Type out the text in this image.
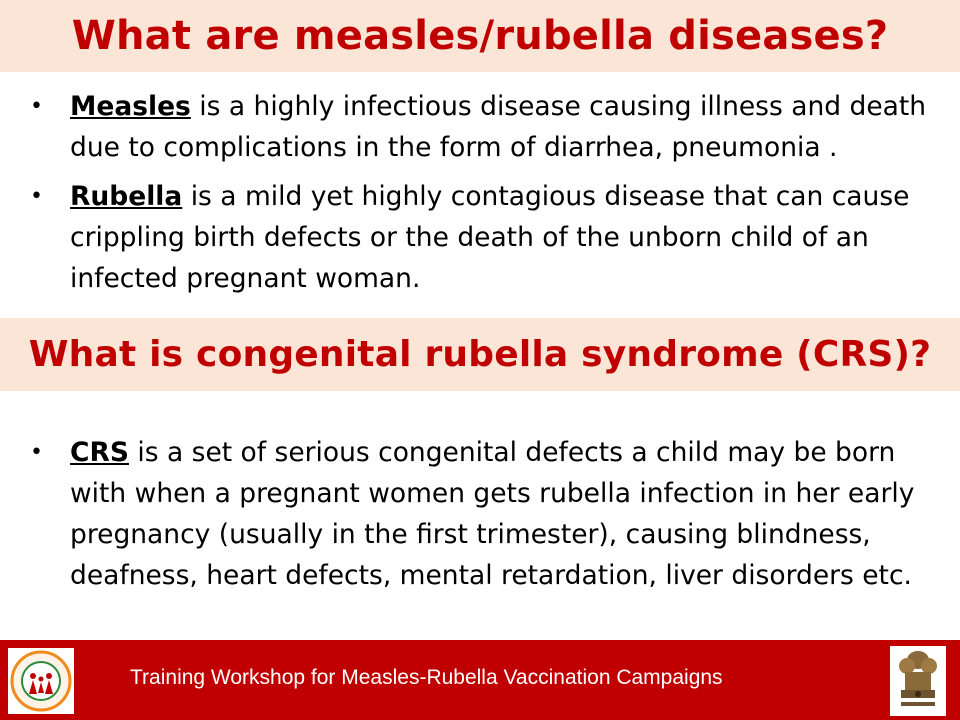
What are measles/rubella diseases?
• Measles is a highly infectious disease causing illness and death due to complications in the form of diarrhea, pneumonia .
• Rubella is a mild yet highly contagious disease that can cause crippling birth defects or the death of the unborn child of an infected pregnant woman.
What is congenital rubella syndrome (CRS)?
• CRS is a set of serious congenital defects a child may be born with when a pregnant women gets rubella infection in her early pregnancy (usually in the first trimester), causing blindness, deafness, heart defects, mental retardation, liver disorders etc.
Training Workshop for Measles-Rubella Vaccination Campaigns
